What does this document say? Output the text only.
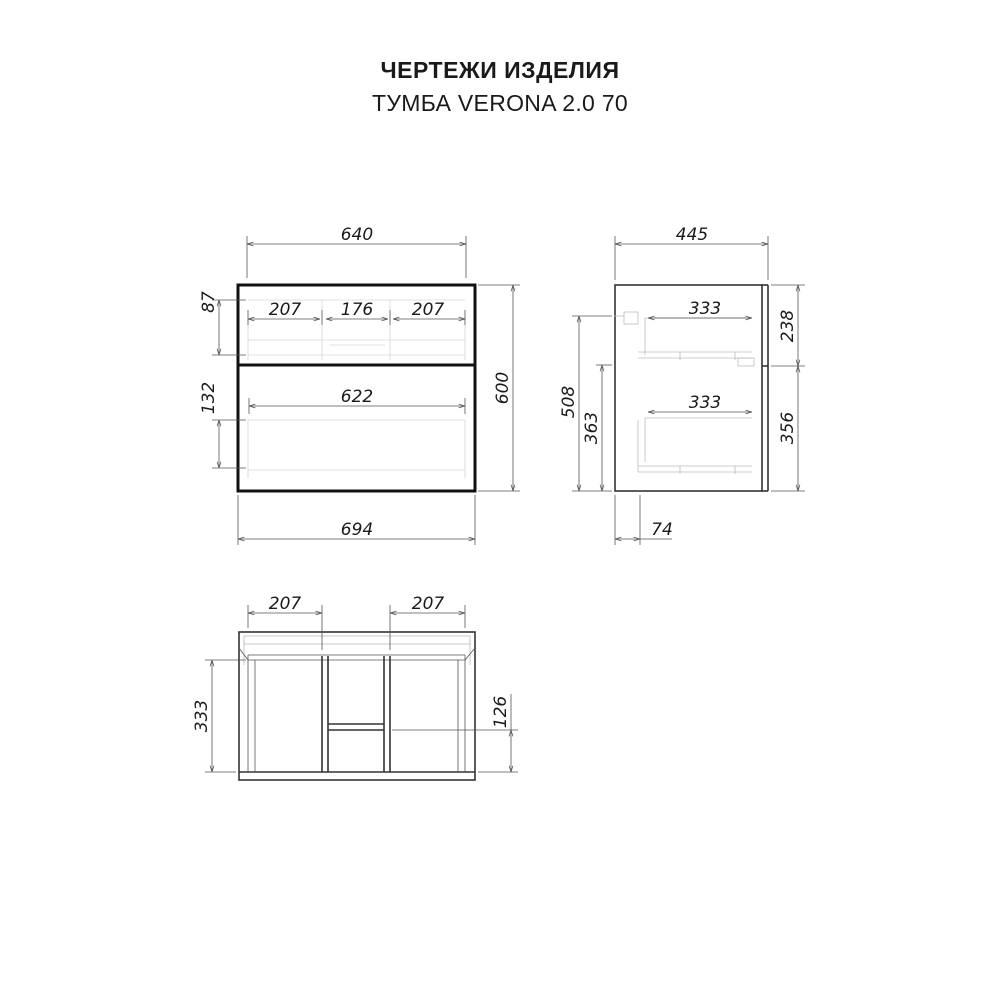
ЧЕРТЕЖИ ИЗДЕЛИЯ
ТУМБА VERONA 2.0 70
640
207 176 207
622
694
600
87
132
445
333
333
238
356
508
363
74
207	207
333	126
